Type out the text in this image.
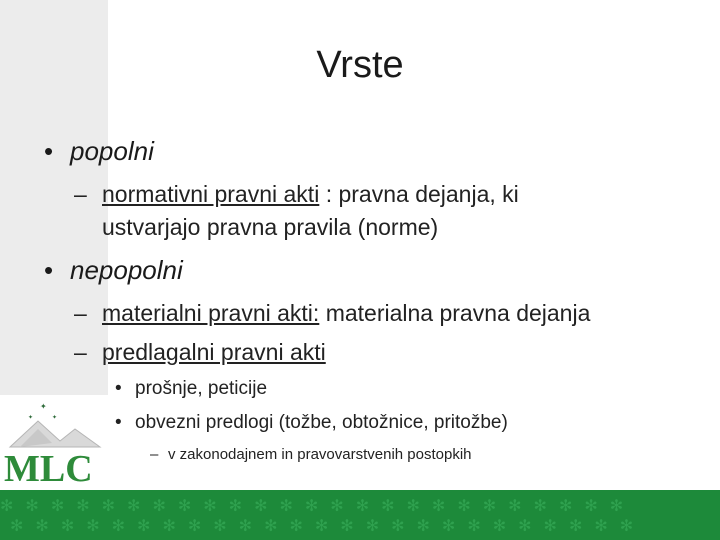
✦
✦	✦
MLC
✻✻✻✻✻✻✻✻✻✻✻✻✻✻✻✻✻✻✻✻✻✻✻✻✻
✻✻✻✻✻✻✻✻✻✻✻✻✻✻✻✻✻✻✻✻✻✻✻✻✻
Vrste
• popolni
– normativni pravni akti : pravna dejanja, ki
ustvarjajo pravna pravila (norme)
• nepopolni
– materialni pravni akti: materialna pravna dejanja
– predlagalni pravni akti
• prošnje, peticije
• obvezni predlogi (tožbe, obtožnice, pritožbe)
– v zakonodajnem in pravovarstvenih postopkih
